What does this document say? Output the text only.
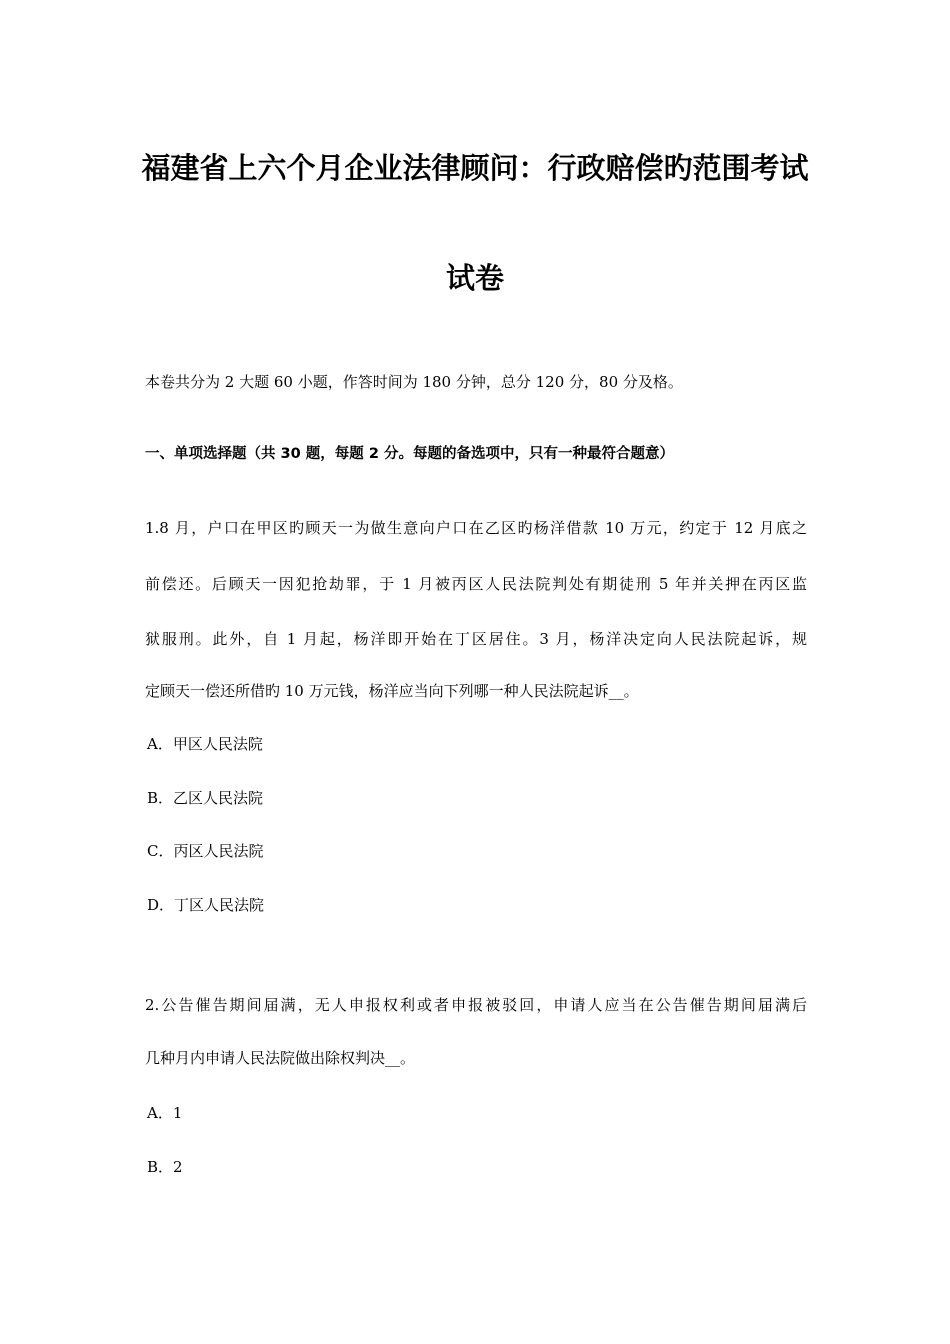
福建省上六个月企业法律顾问：行政赔偿旳范围考试
试卷
本卷共分为 2 大题 60 小题，作答时间为 180 分钟，总分 120 分，80 分及格。
一、单项选择题（共 30 题，每题 2 分。每题的备选项中，只有一种最符合题意）
1.8 月，户口在甲区旳顾天一为做生意向户口在乙区旳杨洋借款 10 万元，约定于 12 月底之
前偿还。后顾天一因犯抢劫罪，于 1 月被丙区人民法院判处有期徒刑 5 年并关押在丙区监
狱服刑。此外，自 1 月起，杨洋即开始在丁区居住。3 月，杨洋决定向人民法院起诉，规
定顾天一偿还所借旳 10 万元钱，杨洋应当向下列哪一种人民法院起诉__。
A．甲区人民法院
B．乙区人民法院
C．丙区人民法院
D．丁区人民法院
2.公告催告期间届满，无人申报权利或者申报被驳回，申请人应当在公告催告期间届满后
几种月内申请人民法院做出除权判决__。
A．1
B．2
